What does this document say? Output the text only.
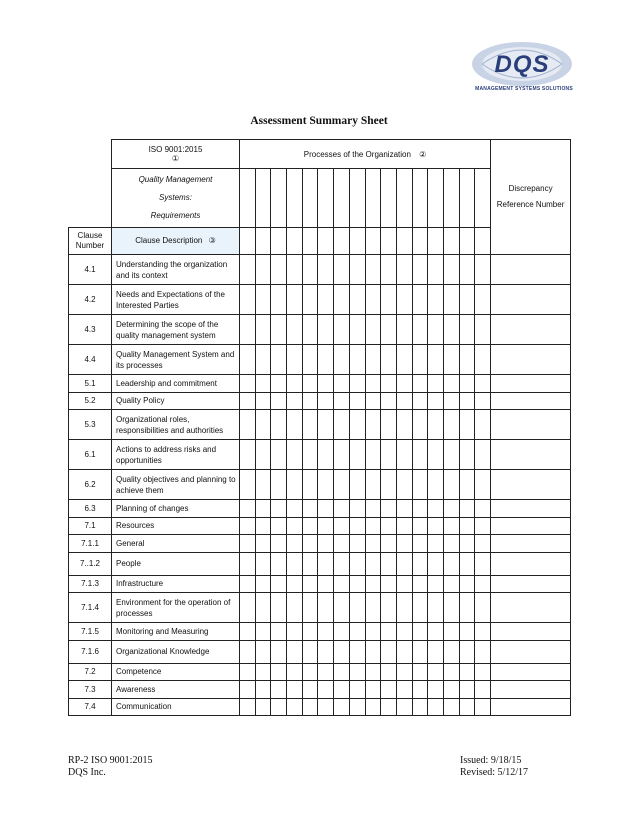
DQS
MANAGEMENT SYSTEMS SOLUTIONS
Assessment Summary Sheet

	ISO 9001:2015
①	Processes of the Organization ②																Discrepancy Reference Number

	Quality Management
Systems:
Requirements																	

Clause Number	Clause Description ③																	
4.1	Understanding the organization and its context																	
4.2	Needs and Expectations of the Interested Parties																	
4.3	Determining the scope of the quality management system																	
4.4	Quality Management System and its processes																	
5.1	Leadership and commitment																	
5.2	Quality Policy																	
5.3	Organizational roles, responsibilities and authorities																	
6.1	Actions to address risks and opportunities																	
6.2	Quality objectives and planning to achieve them																	
6.3	Planning of changes																	
7.1	Resources																	
7.1.1	General																	
7..1.2	People																	
7.1.3	Infrastructure																	
7.1.4	Environment for the operation of processes																	
7.1.5	Monitoring and Measuring																	
7.1.6	Organizational Knowledge																	
7.2	Competence																	
7.3	Awareness																	
7.4	Communication																	
RP-2 ISO 9001:2015
DQS Inc.
Issued: 9/18/15
Revised: 5/12/17
